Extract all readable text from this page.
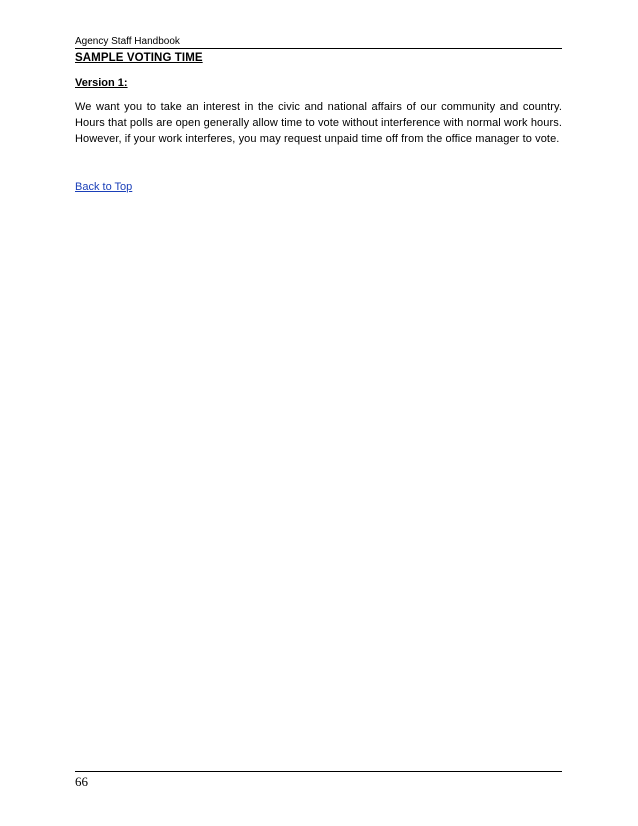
Agency Staff Handbook
SAMPLE VOTING TIME
Version 1:

We want you to take an interest in the civic and national affairs of our community and country. Hours that polls are open generally allow time to vote without interference with normal work hours. However, if your work interferes, you may request unpaid time off from the office manager to vote.

Back to Top
66
